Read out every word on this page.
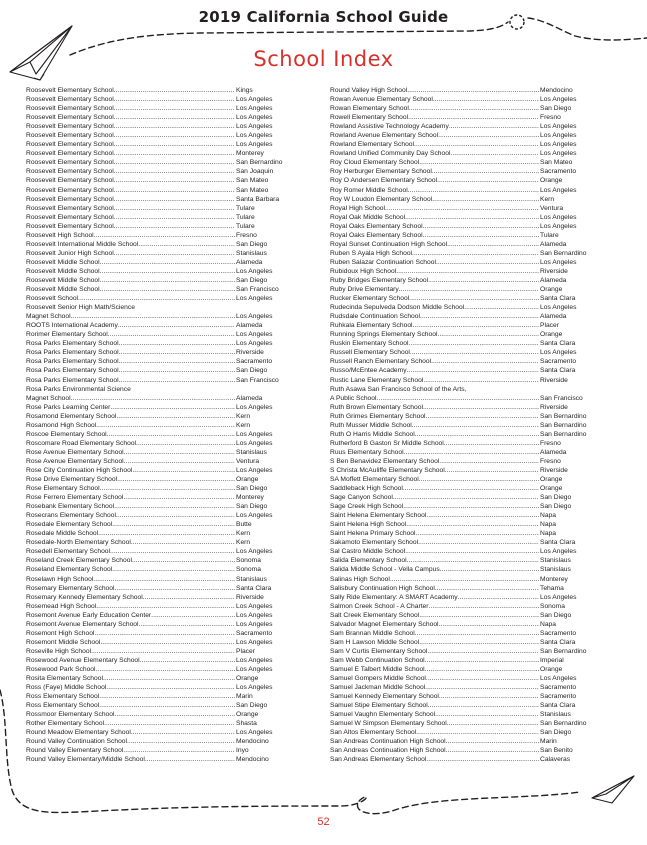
2019 California School Guide
School Index
Roosevelt Elementary School . . .	Kings
Roosevelt Elementary School . . .	Los Angeles
Roosevelt Elementary School . . .	Los Angeles
Roosevelt Elementary School . . .	Los Angeles
Roosevelt Elementary School . . .	Los Angeles
Roosevelt Elementary School . . .	Los Angeles
Roosevelt Elementary School . . .	Los Angeles
Roosevelt Elementary School . . .	Monterey
Roosevelt Elementary School . . .	San Bernardino
Roosevelt Elementary School . . .	San Joaquin
Roosevelt Elementary School . . .	San Mateo
Roosevelt Elementary School . . .	San Mateo
Roosevelt Elementary School . . .	Santa Barbara
Roosevelt Elementary School . . .	Tulare
Roosevelt Elementary School . . .	Tulare
Roosevelt Elementary School . . .	Tulare
Roosevelt High School . . .	Fresno
Roosevelt International Middle School . . .	San Diego
Roosevelt Junior High School . . .	Stanislaus
Roosevelt Middle School . . .	Alameda
Roosevelt Middle School . . .	Los Angeles
Roosevelt Middle School . . .	San Diego
Roosevelt Middle School . . .	San Francisco
Roosevelt School . . .	Los Angeles
Roosevelt Senior High Math/Science
Magnet School . . .	Los Angeles
ROOTS International Academy . . .	Alameda
Rorimer Elementary School . . .	Los Angeles
Rosa Parks Elementary School . . .	Los Angeles
Rosa Parks Elementary School . . .	Riverside
Rosa Parks Elementary School . . .	Sacramento
Rosa Parks Elementary School . . .	San Diego
Rosa Parks Elementary School . . .	San Francisco
Rosa Parks Environmental Science
Magnet School . . .	Alameda
Rose Parks Learning Center . . .	Los Angeles
Rosamond Elementary School . . .	Kern
Rosamond High School . . .	Kern
Roscoe Elementary School . . .	Los Angeles
Roscomare Road Elementary School . . .	Los Angeles
Rose Avenue Elementary School . . .	Stanislaus
Rose Avenue Elementary School . . .	Ventura
Rose City Continuation High School . . .	Los Angeles
Rose Drive Elementary School . . .	Orange
Rose Elementary School . . .	San Diego
Rose Ferrero Elementary School . . .	Monterey
Rosebank Elementary School . . .	San Diego
Rosecrans Elementary School . . .	Los Angeles
Rosedale Elementary School . . .	Butte
Rosedale Middle School . . .	Kern
Rosedale-North Elementary School . . .	Kern
Rosedell Elementary School . . .	Los Angeles
Roseland Creek Elementary School . . .	Sonoma
Roseland Elementary School . . .	Sonoma
Roselawn High School . . .	Stanislaus
Rosemary Elementary School . . .	Santa Clara
Rosemary Kennedy Elementary School . . .	Riverside
Rosemead High School . . .	Los Angeles
Rosemont Avenue Early Education Center . . .	Los Angeles
Rosemont Avenue Elementary School . . .	Los Angeles
Rosemont High School . . .	Sacramento
Rosemont Middle School . . .	Los Angeles
Roseville High School . . .	Placer
Rosewood Avenue Elementary School . . .	Los Angeles
Rosewood Park School . . .	Los Angeles
Rosita Elementary School . . .	Orange
Ross (Faye) Middle School . . .	Los Angeles
Ross Elementary School . . .	Marin
Ross Elementary School . . .	San Diego
Rossmoor Elementary School . . .	Orange
Rother Elementary School . . .	Shasta
Round Meadow Elementary School . . .	Los Angeles
Round Valley Continuation School . . .	Mendocino
Round Valley Elementary School . . .	Inyo
Round Valley Elementary/Middle School . . .	Mendocino
Round Valley High School . . .	Mendocino
Rowan Avenue Elementary School . . .	Los Angeles
Rowan Elementary School . . .	San Diego
Rowell Elementary School . . .	Fresno
Rowland Assistive Technology Academy . . .	Los Angeles
Rowland Avenue Elementary School . . .	Los Angeles
Rowland Elementary School . . .	Los Angeles
Rowland Unified Community Day School . . .	Los Angeles
Roy Cloud Elementary School . . .	San Mateo
Roy Herburger Elementary School . . .	Sacramento
Roy O Andersen Elementary School . . .	Orange
Roy Romer Middle School . . .	Los Angeles
Roy W Loudon Elementary School . . .	Kern
Royal High School . . .	Ventura
Royal Oak Middle School . . .	Los Angeles
Royal Oaks Elementary School . . .	Los Angeles
Royal Oaks Elementary School . . .	Tulare
Royal Sunset Continuation High School . . .	Alameda
Ruben S Ayala High School . . .	San Bernardino
Ruben Salazar Continuation School . . .	Los Angeles
Rubidoux High School . . .	Riverside
Ruby Bridges Elementary School . . .	Alameda
Ruby Drive Elementary . . .	Orange
Rucker Elementary School . . .	Santa Clara
Rudecinda Sepulveda Dodson Middle School . . .	Los Angeles
Rudsdale Continuation School . . .	Alameda
Ruhkala Elementary School . . .	Placer
Running Springs Elementary School . . .	Orange
Ruskin Elementary School . . .	Santa Clara
Russell Elementary School . . .	Los Angeles
Russell Ranch Elementary School . . .	Sacramento
Russo/McEntee Academy . . .	Santa Clara
Rustic Lane Elementary School . . .	Riverside
Ruth Asawa San Francisco School of the Arts,
A Public School . . .	San Francisco
Ruth Brown Elementary School . . .	Riverside
Ruth Grimes Elementary School . . .	San Bernardino
Ruth Musser Middle School . . .	San Bernardino
Ruth O Harris Middle School . . .	San Bernardino
Rutherford B Gaston Sr Middle School . . .	Fresno
Ruus Elementary School . . .	Alameda
S Ben Benavidez Elementary School . . .	Fresno
S Christa McAuliffe Elementary School . . .	Riverside
SA Moffett Elementary School . . .	Orange
Saddleback High School . . .	Orange
Sage Canyon School . . .	San Diego
Sage Creek High School . . .	San Diego
Saint Helena Elementary School . . .	Napa
Saint Helena High School . . .	Napa
Saint Helena Primary School . . .	Napa
Sakamoto Elementary School . . .	Santa Clara
Sal Castro Middle School . . .	Los Angeles
Salida Elementary School . . .	Stanislaus
Salida Middle School - Vella Campus . . .	Stanislaus
Salinas High School . . .	Monterey
Salisbury Continuation High School . . .	Tehama
Sally Ride Elementary: A SMART Academy . . .	Los Angeles
Salmon Creek School - A Charter . . .	Sonoma
Salt Creek Elementary School . . .	San Diego
Salvador Magnet Elementary School . . .	Napa
Sam Brannan Middle School . . .	Sacramento
Sam H Lawson Middle School . . .	Santa Clara
Sam V Curtis Elementary School . . .	San Bernardino
Sam Webb Continuation School . . .	Imperial
Samuel E Talbert Middle School . . .	Orange
Samuel Gompers Middle School . . .	Los Angeles
Samuel Jackman Middle School . . .	Sacramento
Samuel Kennedy Elementary School . . .	Sacramento
Samuel Stipe Elementary School . . .	Santa Clara
Samuel Vaughn Elementary School . . .	Stanislaus
Samuel W Simpson Elementary School . . .	San Bernardino
San Altos Elementary School . . .	San Diego
San Andreas Continuation High School . . .	Marin
San Andreas Continuation High School . . .	San Benito
San Andreas Elementary School . . .	Calaveras
52
